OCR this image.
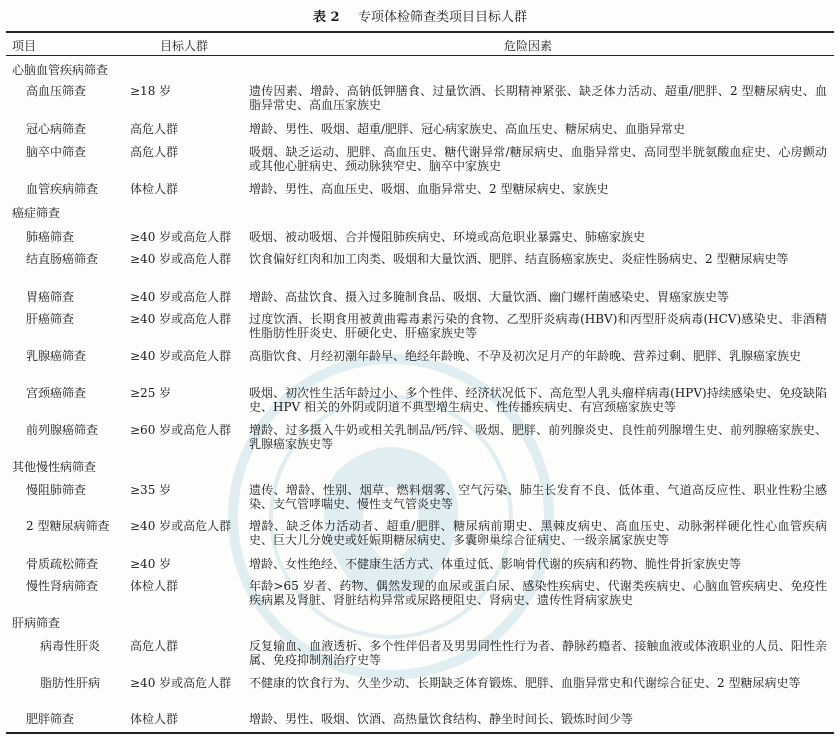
表 2 专项体检筛查类项目目标人群
项目	目标人群	危险因素
心脑血管疾病筛查
高血压筛查	≥18 岁	遗传因素、增龄、高钠低钾膳食、过量饮酒、长期精神紧张、缺乏体力活动、超重/肥胖、2 型糖尿病史、血脂异常史、高血压家族史
冠心病筛查	高危人群	增龄、男性、吸烟、超重/肥胖、冠心病家族史、高血压史、糖尿病史、血脂异常史
脑卒中筛查	高危人群	吸烟、缺乏运动、肥胖、高血压史、糖代谢异常/糖尿病史、血脂异常史、高同型半胱氨酸血症史、心房颤动或其他心脏病史、颈动脉狭窄史、脑卒中家族史
血管疾病筛查	体检人群	增龄、男性、高血压史、吸烟、血脂异常史、2 型糖尿病史、家族史
癌症筛查
肺癌筛查	≥40 岁或高危人群	吸烟、被动吸烟、合并慢阻肺疾病史、环境或高危职业暴露史、肺癌家族史
结直肠癌筛查	≥40 岁或高危人群	饮食偏好红肉和加工肉类、吸烟和大量饮酒、肥胖、结直肠癌家族史、炎症性肠病史、2 型糖尿病史等
胃癌筛查	≥40 岁或高危人群	增龄、高盐饮食、摄入过多腌制食品、吸烟、大量饮酒、幽门螺杆菌感染史、胃癌家族史等
肝癌筛查	≥40 岁或高危人群	过度饮酒、长期食用被黄曲霉毒素污染的食物、乙型肝炎病毒(HBV)和丙型肝炎病毒(HCV)感染史、非酒精性脂肪性肝炎史、肝硬化史、肝癌家族史等
乳腺癌筛查	≥40 岁或高危人群	高脂饮食、月经初潮年龄早、绝经年龄晚、不孕及初次足月产的年龄晚、营养过剩、肥胖、乳腺癌家族史
宫颈癌筛查	≥25 岁	吸烟、初次性生活年龄过小、多个性伴、经济状况低下、高危型人乳头瘤样病毒(HPV)持续感染史、免疫缺陷史、HPV 相关的外阴或阴道不典型增生病史、性传播疾病史、有宫颈癌家族史等
前列腺癌筛查	≥60 岁或高危人群	增龄、过多摄入牛奶或相关乳制品/钙/锌、吸烟、肥胖、前列腺炎史、良性前列腺增生史、前列腺癌家族史、乳腺癌家族史等
其他慢性病筛查
慢阻肺筛查	≥35 岁	遗传、增龄、性别、烟草、燃料烟雾、空气污染、肺生长发育不良、低体重、气道高反应性、职业性粉尘感染、支气管哮喘史、慢性支气管炎史等
2 型糖尿病筛查	≥40 岁或高危人群	增龄、缺乏体力活动者、超重/肥胖、糖尿病前期史、黑棘皮病史、高血压史、动脉粥样硬化性心血管疾病史、巨大儿分娩史或妊娠期糖尿病史、多囊卵巢综合征病史、一级亲属家族史等
骨质疏松筛查	≥40 岁	增龄、女性绝经、不健康生活方式、体重过低、影响骨代谢的疾病和药物、脆性骨折家族史等
慢性肾病筛查	体检人群	年龄>65 岁者、药物、偶然发现的血尿或蛋白尿、感染性疾病史、代谢类疾病史、心脑血管疾病史、免疫性疾病累及肾脏、肾脏结构异常或尿路梗阻史、肾病史、遗传性肾病家族史
肝病筛查
病毒性肝炎	高危人群	反复输血、血液透析、多个性伴侣者及男男同性性行为者、静脉药瘾者、接触血液或体液职业的人员、阳性亲属、免疫抑制剂治疗史等
脂肪性肝病	≥40 岁或高危人群	不健康的饮食行为、久坐少动、长期缺乏体育锻炼、肥胖、血脂异常史和代谢综合征史、2 型糖尿病史等
肥胖筛查	体检人群	增龄、男性、吸烟、饮酒、高热量饮食结构、静坐时间长、锻炼时间少等
